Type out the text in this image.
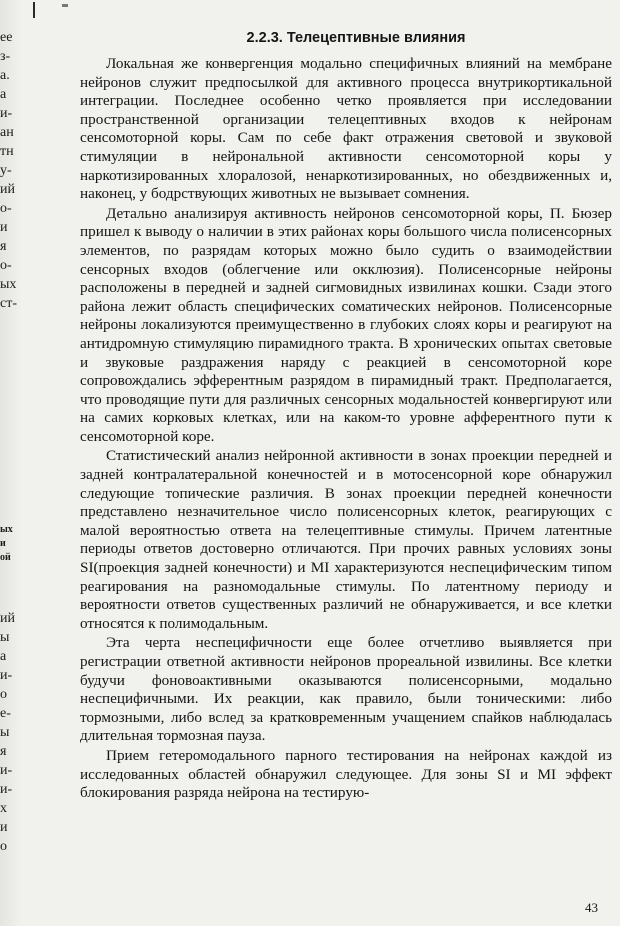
ее
з-
а.
а
и-
ан
тн
у-
ий
о-
и
я
о-
ых
ст-
ых
и
ой
ий
ы
а
и-
о
е-
ы
я
и-
и-
х
и
о
2.2.3. Телецептивные влияния

Локальная же конвергенция модально специфичных влияний на мембране нейронов служит предпосылкой для активного процесса внутрикортикальной интеграции. Последнее особенно четко проявляется при исследовании пространственной организации телецептивных входов к нейронам сенсомоторной коры. Сам по себе факт отражения световой и звуковой стимуляции в нейрональной активности сенсомоторной коры у наркотизированных хлоралозой, ненаркотизированных, но обездвиженных и, наконец, у бодрствующих животных не вызывает сомнения.

Детально анализируя активность нейронов сенсомоторной коры, П. Бюзер пришел к выводу о наличии в этих районах коры большого числа полисенсорных элементов, по разрядам которых можно было судить о взаимодействии сенсорных входов (облегчение или окклюзия). Полисенсорные нейроны расположены в передней и задней сигмовидных извилинах кошки. Сзади этого района лежит область специфических соматических нейронов. Полисенсорные нейроны локализуются преимущественно в глубоких слоях коры и реагируют на антидромную стимуляцию пирамидного тракта. В хронических опытах световые и звуковые раздражения наряду с реакцией в сенсомоторной коре сопровождались эфферентным разрядом в пирамидный тракт. Предполагается, что проводящие пути для различных сенсорных модальностей конвергируют или на самих корковых клетках, или на каком-то уровне афферентного пути к сенсомоторной коре.

Статистический анализ нейронной активности в зонах проекции передней и задней контралатеральной конечностей и в мотосенсорной коре обнаружил следующие топические различия. В зонах проекции передней конечности представлено незначительное число полисенсорных клеток, реагирующих с малой вероятностью ответа на телецептивные стимулы. Причем латентные периоды ответов достоверно отличаются. При прочих равных условиях зоны SI(проекция задней конечности) и MI характеризуются неспецифическим типом реагирования на разномодальные стимулы. По латентному периоду и вероятности ответов существенных различий не обнаруживается, и все клетки относятся к полимодальным.

Эта черта неспецифичности еще более отчетливо выявляется при регистрации ответной активности нейронов прореальной извилины. Все клетки будучи фоновоактивными оказываются полисенсорными, модально неспецифичными. Их реакции, как правило, были тоническими: либо тормозными, либо вслед за кратковременным учащением спайков наблюдалась длительная тормозная пауза.

Прием гетеромодального парного тестирования на нейронах каждой из исследованных областей обнаружил следующее. Для зоны SI и MI эффект блокирования разряда нейрона на тестирую-

43
